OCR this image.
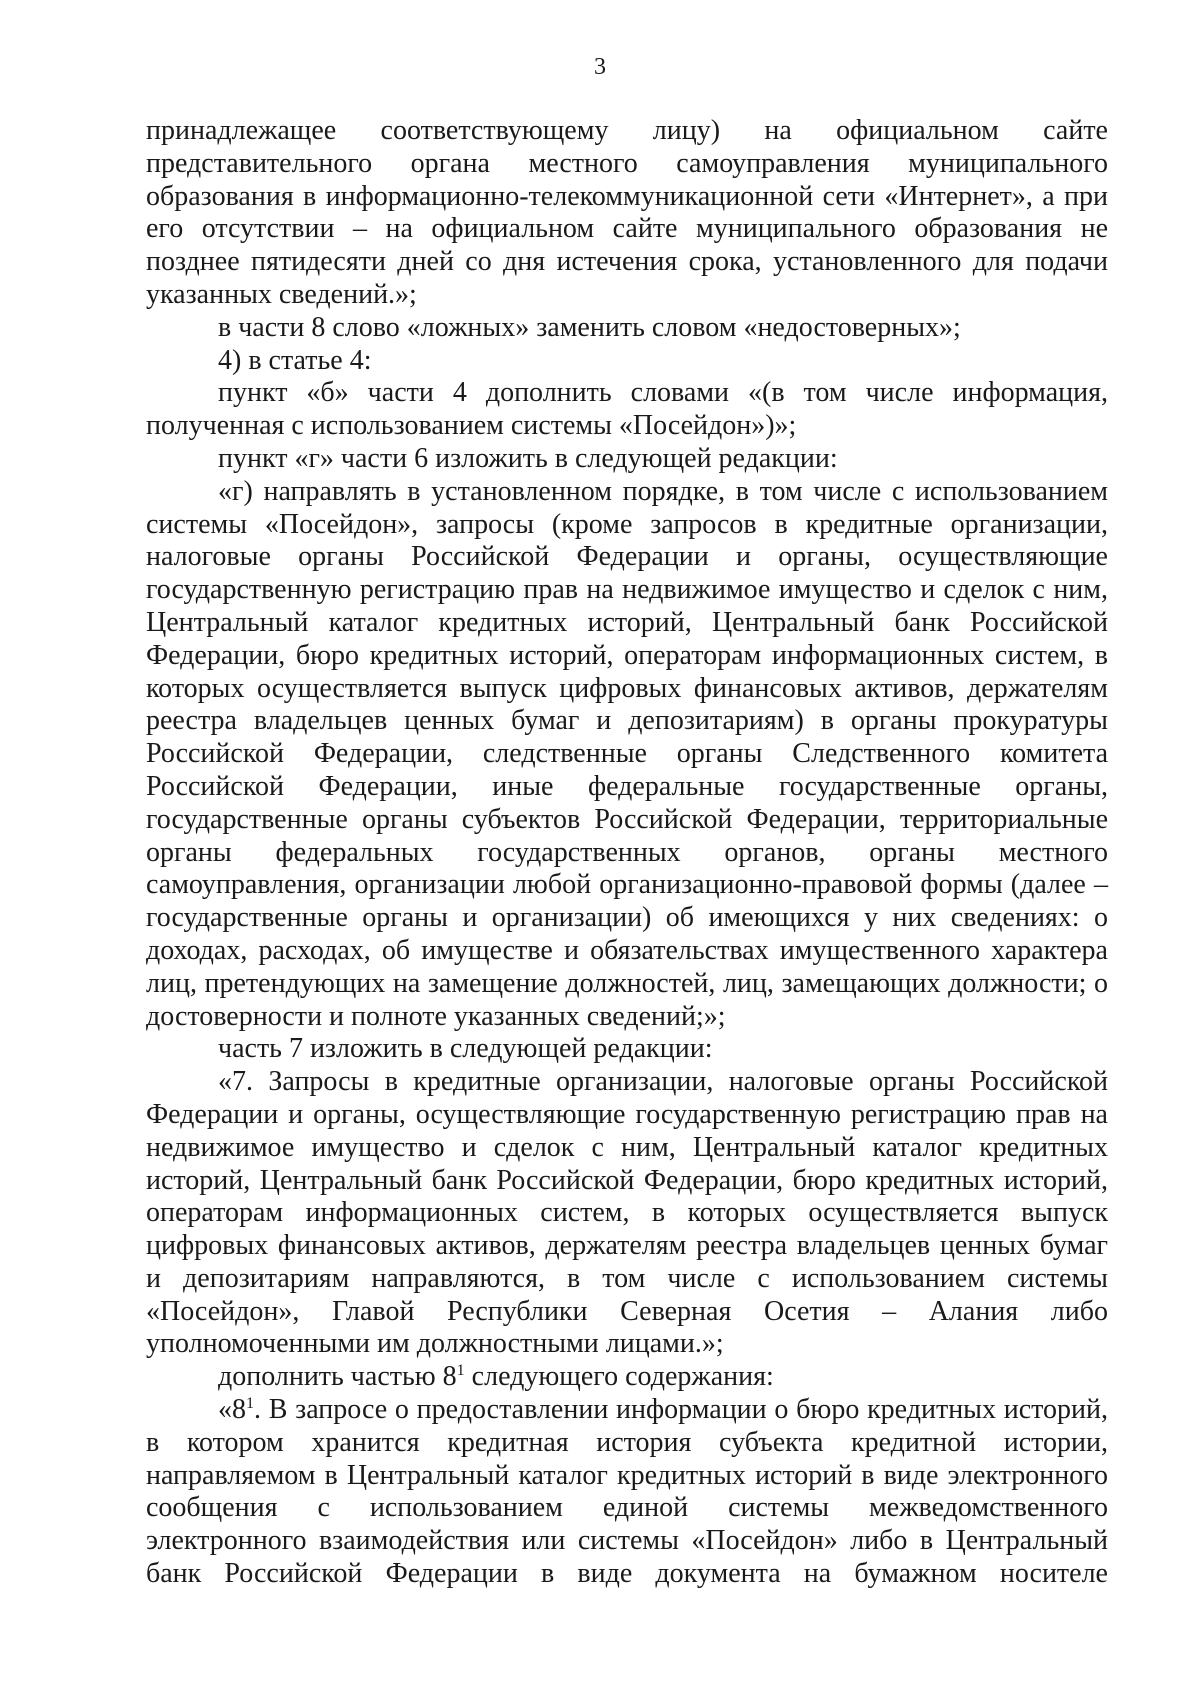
3

принадлежащее соответствующему лицу) на официальном сайте представительного органа местного самоуправления муниципального образования в информационно-телекоммуникационной сети «Интернет», а при его отсутствии – на официальном сайте муниципального образования не позднее пятидесяти дней со дня истечения срока, установленного для подачи указанных сведений.»;

в части 8 слово «ложных» заменить словом «недостоверных»;

4) в статье 4:

пункт «б» части 4 дополнить словами «(в том числе информация, полученная с использованием системы «Посейдон»)»;

пункт «г» части 6 изложить в следующей редакции:

«г) направлять в установленном порядке, в том числе с использованием системы «Посейдон», запросы (кроме запросов в кредитные организации, налоговые органы Российской Федерации и органы, осуществляющие государственную регистрацию прав на недвижимое имущество и сделок с ним, Центральный каталог кредитных историй, Центральный банк Российской Федерации, бюро кредитных историй, операторам информационных систем, в которых осуществляется выпуск цифровых финансовых активов, держателям реестра владельцев ценных бумаг и депозитариям) в органы прокуратуры Российской Федерации, следственные органы Следственного комитета Российской Федерации, иные федеральные государственные органы, государственные органы субъектов Российской Федерации, территориальные органы федеральных государственных органов, органы местного самоуправления, организации любой организационно-правовой формы (далее – государственные органы и организации) об имеющихся у них сведениях: о доходах, расходах, об имуществе и обязательствах имущественного характера лиц, претендующих на замещение должностей, лиц, замещающих должности; о достоверности и полноте указанных сведений;»;

часть 7 изложить в следующей редакции:

«7. Запросы в кредитные организации, налоговые органы Российской Федерации и органы, осуществляющие государственную регистрацию прав на недвижимое имущество и сделок с ним, Центральный каталог кредитных историй, Центральный банк Российской Федерации, бюро кредитных историй, операторам информационных систем, в которых осуществляется выпуск цифровых финансовых активов, держателям реестра владельцев ценных бумаг и депозитариям направляются, в том числе с использованием системы «Посейдон», Главой Республики Северная Осетия – Алания либо уполномоченными им должностными лицами.»;

дополнить частью $8^1$ следующего содержания:

«$8^1$. В запросе о предоставлении информации о бюро кредитных историй, в котором хранится кредитная история субъекта кредитной истории, направляемом в Центральный каталог кредитных историй в виде электронного сообщения с использованием единой системы межведомственного электронного взаимодействия или системы «Посейдон» либо в Центральный банк Российской Федерации в виде документа на бумажном носителе
